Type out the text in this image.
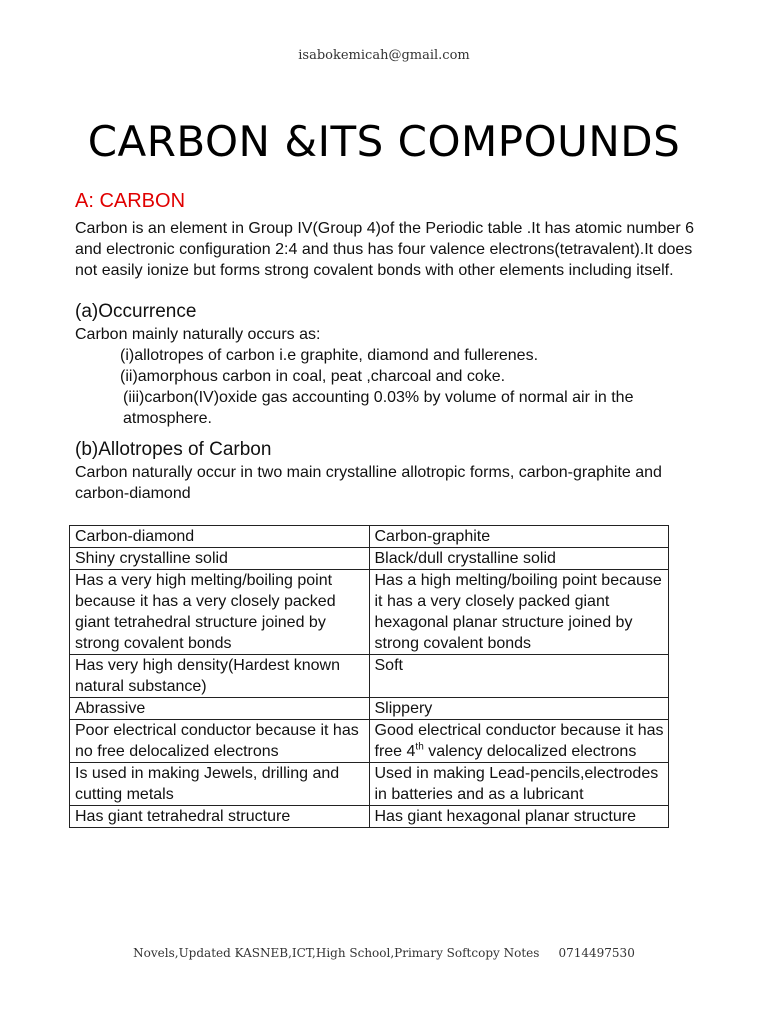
isabokemicah@gmail.com
CARBON &ITS COMPOUNDS
A: CARBON

Carbon is an element in Group IV(Group 4)of the Periodic table .It has atomic number 6 and electronic configuration 2:4 and thus has four valence electrons(tetravalent).It does not easily ionize but forms strong covalent bonds with other elements including itself.

(a)Occurrence

Carbon mainly naturally occurs as:

(i)allotropes of carbon i.e graphite, diamond and fullerenes.
(ii)amorphous carbon in coal, peat ,charcoal and coke.
(iii)carbon(IV)oxide gas accounting 0.03% by volume of normal air in the atmosphere.
(b)Allotropes of Carbon

Carbon naturally occur in two main crystalline allotropic forms, carbon-graphite and carbon-diamond

Carbon-diamond	Carbon-graphite
Shiny crystalline solid	Black/dull crystalline solid
Has a very high melting/boiling point because it has a very closely packed giant tetrahedral structure joined by strong covalent bonds	Has a high melting/boiling point because it has a very closely packed giant hexagonal planar structure joined by strong covalent bonds
Has very high density(Hardest known natural substance)	Soft
Abrassive	Slippery
Poor electrical conductor because it has no free delocalized electrons	Good electrical conductor because it has free 4th valency delocalized electrons
Is used in making Jewels, drilling and cutting metals	Used in making Lead-pencils,electrodes in batteries and as a lubricant
Has giant tetrahedral structure	Has giant hexagonal planar structure
Novels,Updated KASNEB,ICT,High School,Primary Softcopy Notes     0714497530
